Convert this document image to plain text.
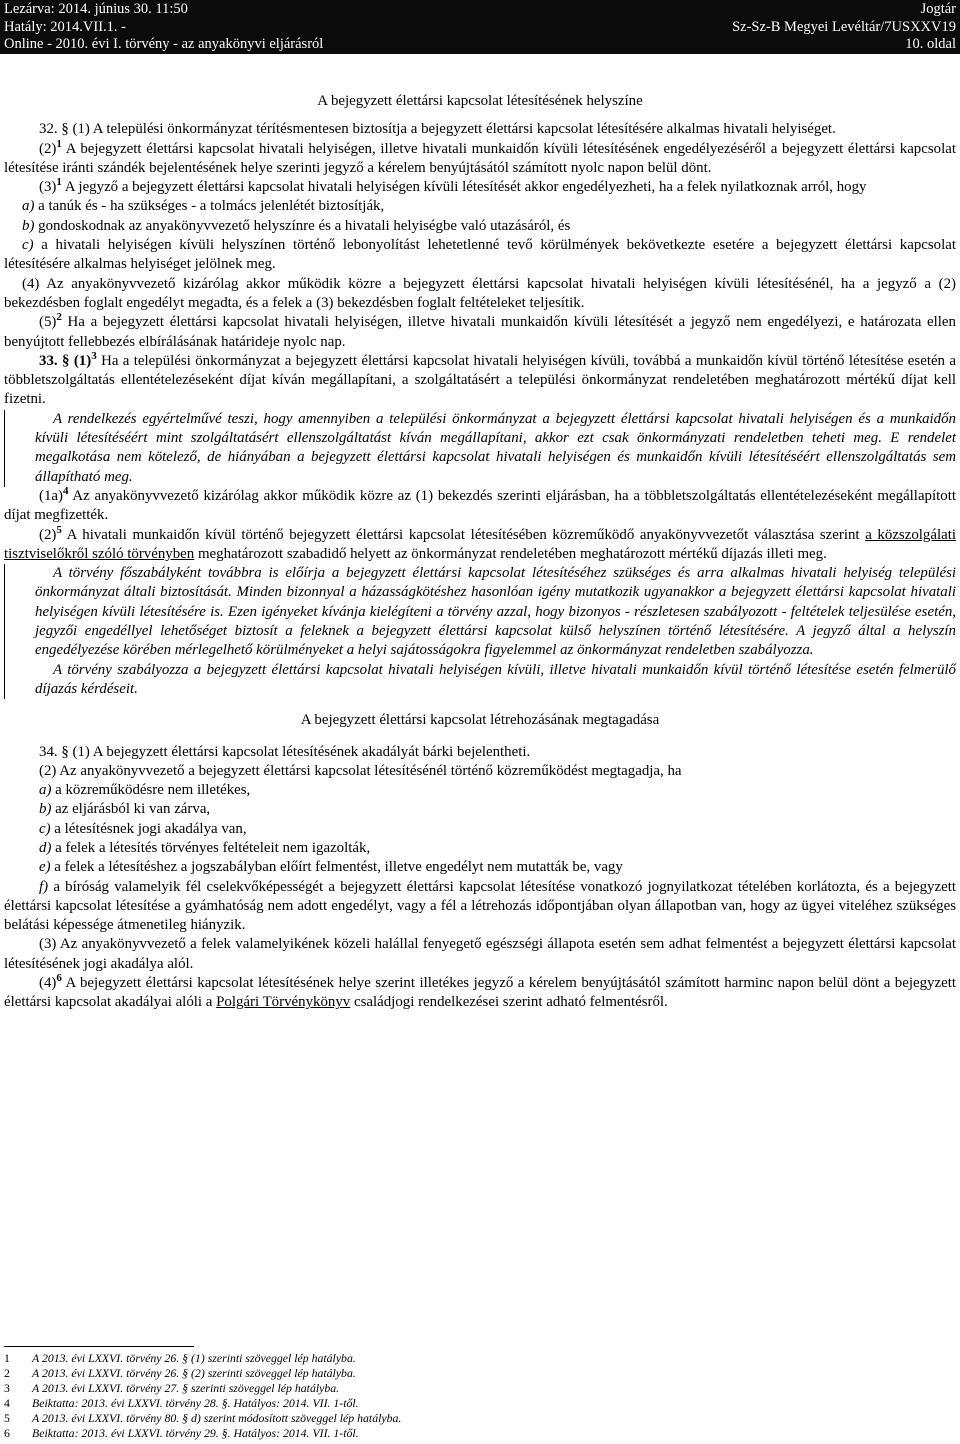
Lezárva: 2014. június 30. 11:50
Hatály: 2014.VII.1. -
Online - 2010. évi I. törvény - az anyakönyvi eljárásról
Jogtár
Sz-Sz-B Megyei Levéltár/7USXXV19
10. oldal

A bejegyzett élettársi kapcsolat létesítésének helyszíne

32. § (1) A települési önkormányzat térítésmentesen biztosítja a bejegyzett élettársi kapcsolat létesítésére alkalmas hivatali helyiséget.

$(2)^1$ A bejegyzett élettársi kapcsolat hivatali helyiségen, illetve hivatali munkaidőn kívüli létesítésének engedélyezéséről a bejegyzett élettársi kapcsolat létesítése iránti szándék bejelentésének helye szerinti jegyző a kérelem benyújtásától számított nyolc napon belül dönt.

$(3)^1$ A jegyző a bejegyzett élettársi kapcsolat hivatali helyiségen kívüli létesítését akkor engedélyezheti, ha a felek nyilatkoznak arról, hogy

a) a tanúk és - ha szükséges - a tolmács jelenlétét biztosítják,

b) gondoskodnak az anyakönyvvezető helyszínre és a hivatali helyiségbe való utazásáról, és

c) a hivatali helyiségen kívüli helyszínen történő lebonyolítást lehetetlenné tevő körülmények bekövetkezte esetére a bejegyzett élettársi kapcsolat létesítésére alkalmas helyiséget jelölnek meg.

(4) Az anyakönyvvezető kizárólag akkor működik közre a bejegyzett élettársi kapcsolat hivatali helyiségen kívüli létesítésénél, ha a jegyző a (2) bekezdésben foglalt engedélyt megadta, és a felek a (3) bekezdésben foglalt feltételeket teljesítik.

$(5)^2$ Ha a bejegyzett élettársi kapcsolat hivatali helyiségen, illetve hivatali munkaidőn kívüli létesítését a jegyző nem engedélyezi, e határozata ellen benyújtott fellebbezés elbírálásának határideje nyolc nap.

33. § $(1)^3$ Ha a települési önkormányzat a bejegyzett élettársi kapcsolat hivatali helyiségen kívüli, továbbá a munkaidőn kívül történő létesítése esetén a többletszolgáltatás ellentételezéseként díjat kíván megállapítani, a szolgáltatásért a települési önkormányzat rendeletében meghatározott mértékű díjat kell fizetni.

A rendelkezés egyértelművé teszi, hogy amennyiben a települési önkormányzat a bejegyzett élettársi kapcsolat hivatali helyiségen és a munkaidőn kívüli létesítéséért mint szolgáltatásért ellenszolgáltatást kíván megállapítani, akkor ezt csak önkormányzati rendeletben teheti meg. E rendelet megalkotása nem kötelező, de hiányában a bejegyzett élettársi kapcsolat hivatali helyiségen és munkaidőn kívüli létesítéséért ellenszolgáltatás sem állapítható meg.

$(1a)^4$ Az anyakönyvvezető kizárólag akkor működik közre az (1) bekezdés szerinti eljárásban, ha a többletszolgáltatás ellentételezéseként megállapított díjat megfizették.

$(2)^5$ A hivatali munkaidőn kívül történő bejegyzett élettársi kapcsolat létesítésében közreműködő anyakönyvvezetőt választása szerint a közszolgálati tisztviselőkről szóló törvényben meghatározott szabadidő helyett az önkormányzat rendeletében meghatározott mértékű díjazás illeti meg.

A törvény főszabályként továbbra is előírja a bejegyzett élettársi kapcsolat létesítéséhez szükséges és arra alkalmas hivatali helyiség települési önkormányzat általi biztosítását. Minden bizonnyal a házasságkötéshez hasonlóan igény mutatkozik ugyanakkor a bejegyzett élettársi kapcsolat hivatali helyiségen kívüli létesítésére is. Ezen igényeket kívánja kielégíteni a törvény azzal, hogy bizonyos - részletesen szabályozott - feltételek teljesülése esetén, jegyzői engedéllyel lehetőséget biztosít a feleknek a bejegyzett élettársi kapcsolat külső helyszínen történő létesítésére. A jegyző által a helyszín engedélyezése körében mérlegelhető körülményeket a helyi sajátosságokra figyelemmel az önkormányzat rendeletben szabályozza.

A törvény szabályozza a bejegyzett élettársi kapcsolat hivatali helyiségen kívüli, illetve hivatali munkaidőn kívül történő létesítése esetén felmerülő díjazás kérdéseit.

A bejegyzett élettársi kapcsolat létrehozásának megtagadása

34. § (1) A bejegyzett élettársi kapcsolat létesítésének akadályát bárki bejelentheti.

(2) Az anyakönyvvezető a bejegyzett élettársi kapcsolat létesítésénél történő közreműködést megtagadja, ha

a) a közreműködésre nem illetékes,

b) az eljárásból ki van zárva,

c) a létesítésnek jogi akadálya van,

d) a felek a létesítés törvényes feltételeit nem igazolták,

e) a felek a létesítéshez a jogszabályban előírt felmentést, illetve engedélyt nem mutatták be, vagy

f) a bíróság valamelyik fél cselekvőképességét a bejegyzett élettársi kapcsolat létesítése vonatkozó jognyilatkozat tételében korlátozta, és a bejegyzett élettársi kapcsolat létesítése a gyámhatóság nem adott engedélyt, vagy a fél a létrehozás időpontjában olyan állapotban van, hogy az ügyei viteléhez szükséges belátási képessége átmenetileg hiányzik.

(3) Az anyakönyvvezető a felek valamelyikének közeli halállal fenyegető egészségi állapota esetén sem adhat felmentést a bejegyzett élettársi kapcsolat létesítésének jogi akadálya alól.

$(4)^6$ A bejegyzett élettársi kapcsolat létesítésének helye szerint illetékes jegyző a kérelem benyújtásától számított harminc napon belül dönt a bejegyzett élettársi kapcsolat akadályai alóli a Polgári Törvénykönyv családjogi rendelkezései szerint adható felmentésről.

1 A 2013. évi LXXVI. törvény 26. § (1) szerinti szöveggel lép hatályba.
2 A 2013. évi LXXVI. törvény 26. § (2) szerinti szöveggel lép hatályba.
3 A 2013. évi LXXVI. törvény 27. § szerinti szöveggel lép hatályba.
4 Beiktatta: 2013. évi LXXVI. törvény 28. §. Hatályos: 2014. VII. 1-től.
5 A 2013. évi LXXVI. törvény 80. § d) szerint módosított szöveggel lép hatályba.
6 Beiktatta: 2013. évi LXXVI. törvény 29. §. Hatályos: 2014. VII. 1-től.
